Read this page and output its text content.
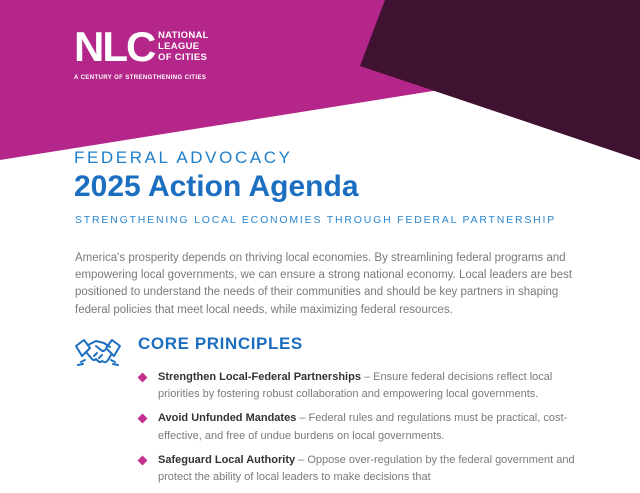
NLC NATIONAL
LEAGUE
OF CITIES
A CENTURY OF STRENGTHENING CITIES
FEDERAL ADVOCACY
2025 Action Agenda
STRENGTHENING LOCAL ECONOMIES THROUGH FEDERAL PARTNERSHIP

America's prosperity depends on thriving local economies. By streamlining federal programs and empowering local governments, we can ensure a strong national economy. Local leaders are best positioned to understand the needs of their communities and should be key partners in shaping federal policies that meet local needs, while maximizing federal resources.

CORE PRINCIPLES
Strengthen Local-Federal Partnerships – Ensure federal decisions reflect local priorities by fostering robust collaboration and empowering local governments.
Avoid Unfunded Mandates – Federal rules and regulations must be practical, cost-effective, and free of undue burdens on local governments.
Safeguard Local Authority – Oppose over-regulation by the federal government and protect the ability of local leaders to make decisions that
